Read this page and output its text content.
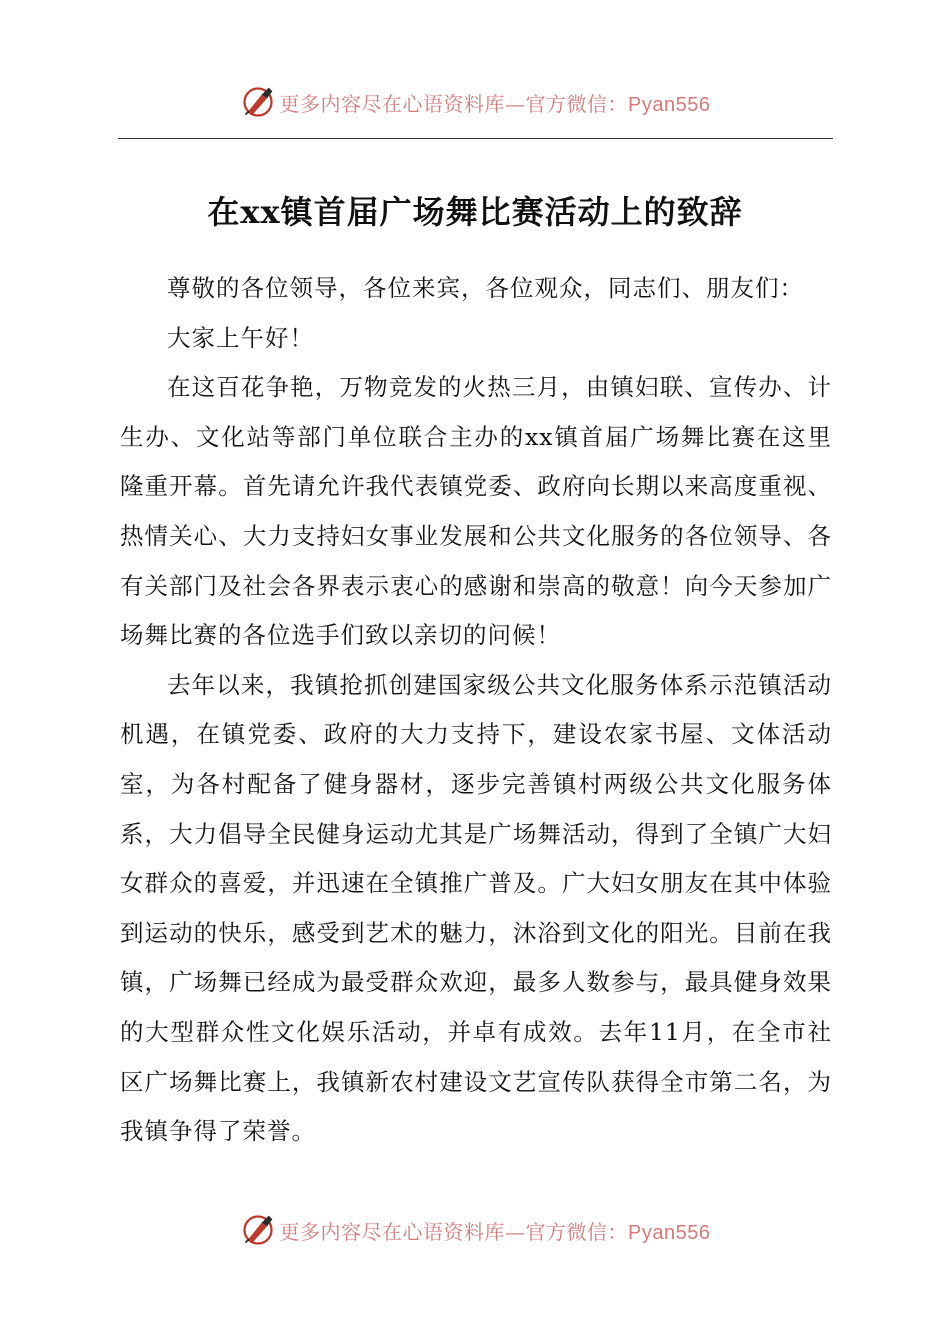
更多内容尽在心语资料库—官方微信：Pyan556
在xx镇首届广场舞比赛活动上的致辞

尊敬的各位领导，各位来宾，各位观众，同志们、朋友们：

大家上午好！

在这百花争艳，万物竞发的火热三月，由镇妇联、宣传办、计生办、文化站等部门单位联合主办的xx镇首届广场舞比赛在这里隆重开幕。首先请允许我代表镇党委、政府向长期以来高度重视、热情关心、大力支持妇女事业发展和公共文化服务的各位领导、各有关部门及社会各界表示衷心的感谢和崇高的敬意！向今天参加广场舞比赛的各位选手们致以亲切的问候！

去年以来，我镇抢抓创建国家级公共文化服务体系示范镇活动机遇，在镇党委、政府的大力支持下，建设农家书屋、文体活动室，为各村配备了健身器材，逐步完善镇村两级公共文化服务体系，大力倡导全民健身运动尤其是广场舞活动，得到了全镇广大妇女群众的喜爱，并迅速在全镇推广普及。广大妇女朋友在其中体验到运动的快乐，感受到艺术的魅力，沐浴到文化的阳光。目前在我镇，广场舞已经成为最受群众欢迎，最多人数参与，最具健身效果的大型群众性文化娱乐活动，并卓有成效。去年11月，在全市社区广场舞比赛上，我镇新农村建设文艺宣传队获得全市第二名，为我镇争得了荣誉。

更多内容尽在心语资料库—官方微信：Pyan556
